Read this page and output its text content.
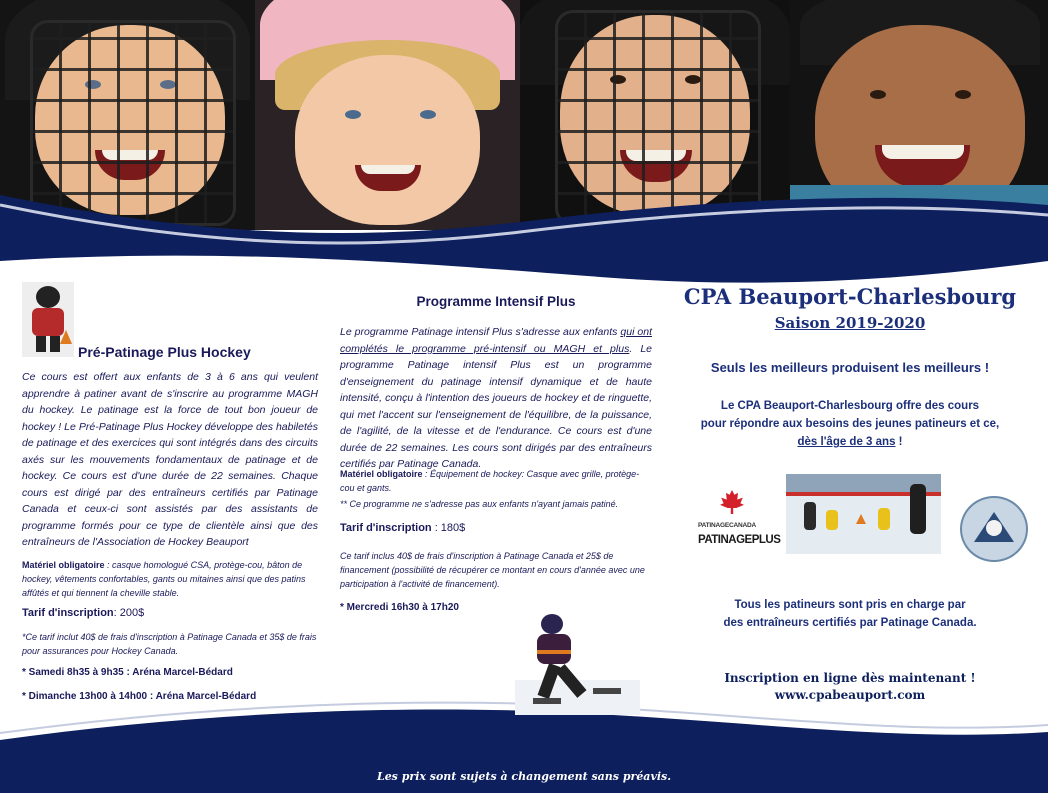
Pré-Patinage Plus Hockey
Ce cours est offert aux enfants de 3 à 6 ans qui veulent apprendre à patiner avant de s'inscrire au programme MAGH du hockey. Le patinage est la force de tout bon joueur de hockey ! Le Pré-Patinage Plus Hockey développe des habiletés de patinage et des exercices qui sont intégrés dans des circuits axés sur les mouvements fondamentaux de patinage et de hockey. Ce cours est d'une durée de 22 semaines. Chaque cours est dirigé par des entraîneurs certifiés par Patinage Canada et ceux-ci sont assistés par des assistants de programme formés pour ce type de clientèle ainsi que des entraîneurs de l'Association de Hockey Beauport
Matériel obligatoire : casque homologué CSA, protège-cou, bâton de hockey, vêtements confortables, gants ou mitaines ainsi que des patins affûtés et qui tiennent la cheville stable.
Tarif d'inscription: 200$
*Ce tarif inclut 40$ de frais d'inscription à Patinage Canada et 35$ de frais pour assurances pour Hockey Canada.
* Samedi 8h35 à 9h35 : Aréna Marcel-Bédard
* Dimanche 13h00 à 14h00 : Aréna Marcel-Bédard
Programme Intensif Plus
Le programme Patinage intensif Plus s'adresse aux enfants qui ont complétés le programme pré-intensif ou MAGH et plus. Le programme Patinage intensif Plus est un programme d'enseignement du patinage intensif dynamique et de haute intensité, conçu à l'intention des joueurs de hockey et de ringuette, qui met l'accent sur l'enseignement de l'équilibre, de la puissance, de l'agilité, de la vitesse et de l'endurance. Ce cours est d'une durée de 22 semaines. Les cours sont dirigés par des entraîneurs certifiés par Patinage Canada.
Matériel obligatoire : Équipement de hockey: Casque avec grille, protège-cou et gants.
** Ce programme ne s'adresse pas aux enfants n'ayant jamais patiné.
Tarif d'inscription : 180$
Ce tarif inclus 40$ de frais d'inscription à Patinage Canada et 25$ de financement (possibilité de récupérer ce montant en cours d'année avec une participation à l'activité de financement).
* Mercredi 16h30 à 17h20
CPA Beauport-Charlesbourg
Saison 2019-2020
Seuls les meilleurs produisent les meilleurs !
Le CPA Beauport-Charlesbourg offre des cours
pour répondre aux besoins des jeunes patineurs et ce,
dès l'âge de 3 ans !
PATINAGECANADA
PATINAGEPLUS
Tous les patineurs sont pris en charge par
des entraîneurs certifiés par Patinage Canada.
Inscription en ligne dès maintenant !
www.cpabeauport.com
Les prix sont sujets à changement sans préavis.
